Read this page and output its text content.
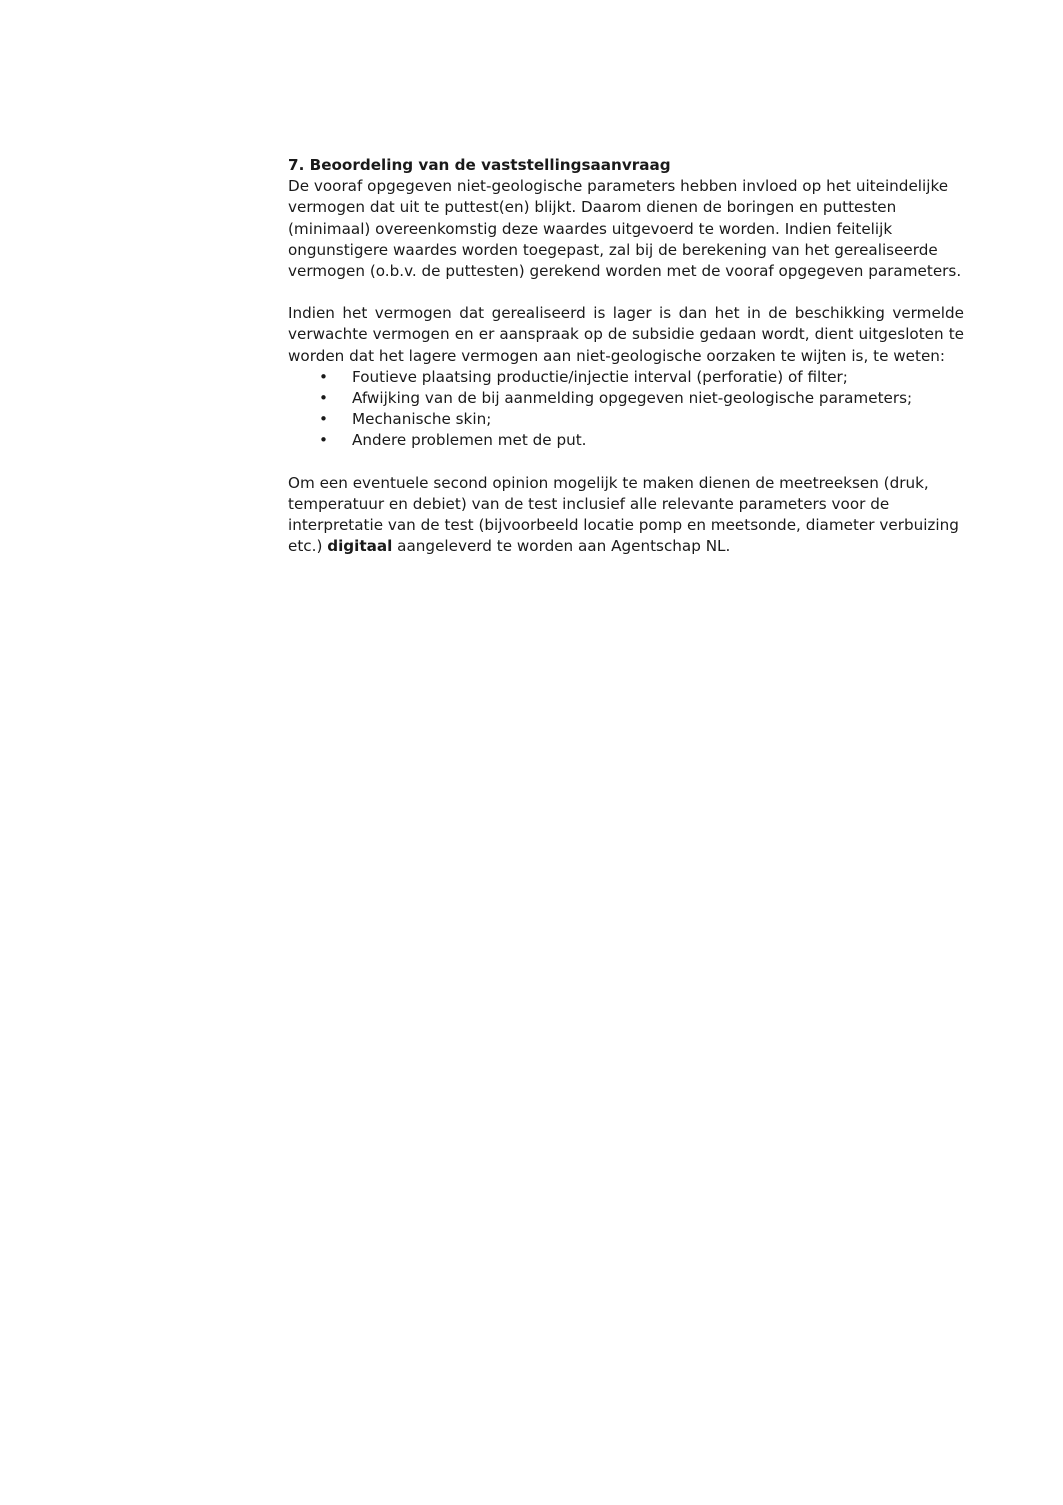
7. Beoordeling van de vaststellingsaanvraag

De vooraf opgegeven niet-geologische parameters hebben invloed op het uiteindelijke vermogen dat uit te puttest(en) blijkt. Daarom dienen de boringen en puttesten (minimaal) overeenkomstig deze waardes uitgevoerd te worden. Indien feitelijk ongunstigere waardes worden toegepast, zal bij de berekening van het gerealiseerde vermogen (o.b.v. de puttesten) gerekend worden met de vooraf opgegeven parameters.

Indien het vermogen dat gerealiseerd is lager is dan het in de beschikking vermelde verwachte vermogen en er aanspraak op de subsidie gedaan wordt, dient uitgesloten te worden dat het lagere vermogen aan niet-geologische oorzaken te wijten is, te weten:

• Foutieve plaatsing productie/injectie interval (perforatie) of filter;
• Afwijking van de bij aanmelding opgegeven niet-geologische parameters;
• Mechanische skin;
• Andere problemen met de put.

Om een eventuele second opinion mogelijk te maken dienen de meetreeksen (druk, temperatuur en debiet) van de test inclusief alle relevante parameters voor de interpretatie van de test (bijvoorbeeld locatie pomp en meetsonde, diameter verbuizing etc.) digitaal aangeleverd te worden aan Agentschap NL.
